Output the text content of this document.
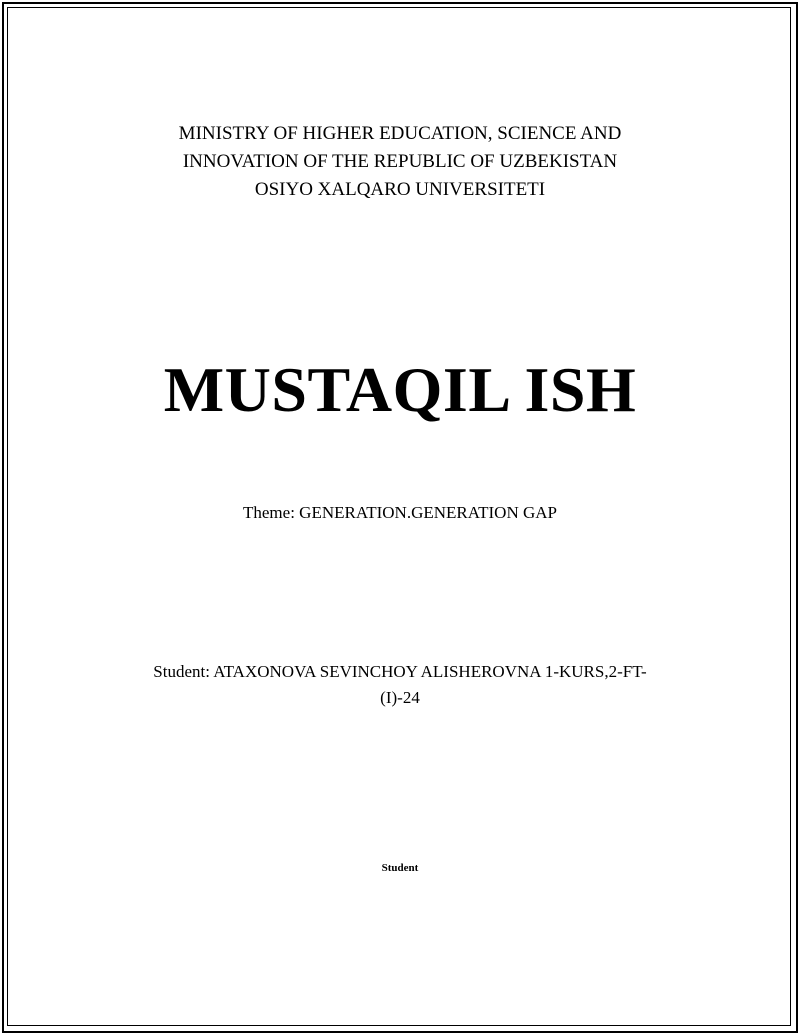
MINISTRY OF HIGHER EDUCATION, SCIENCE AND
INNOVATION OF THE REPUBLIC OF UZBEKISTAN
OSIYO XALQARO UNIVERSITETI
MUSTAQIL ISH
Theme: GENERATION.GENERATION GAP
Student: ATAXONOVA SEVINCHOY ALISHEROVNA 1-KURS,2-FT-
(I)-24
Student
